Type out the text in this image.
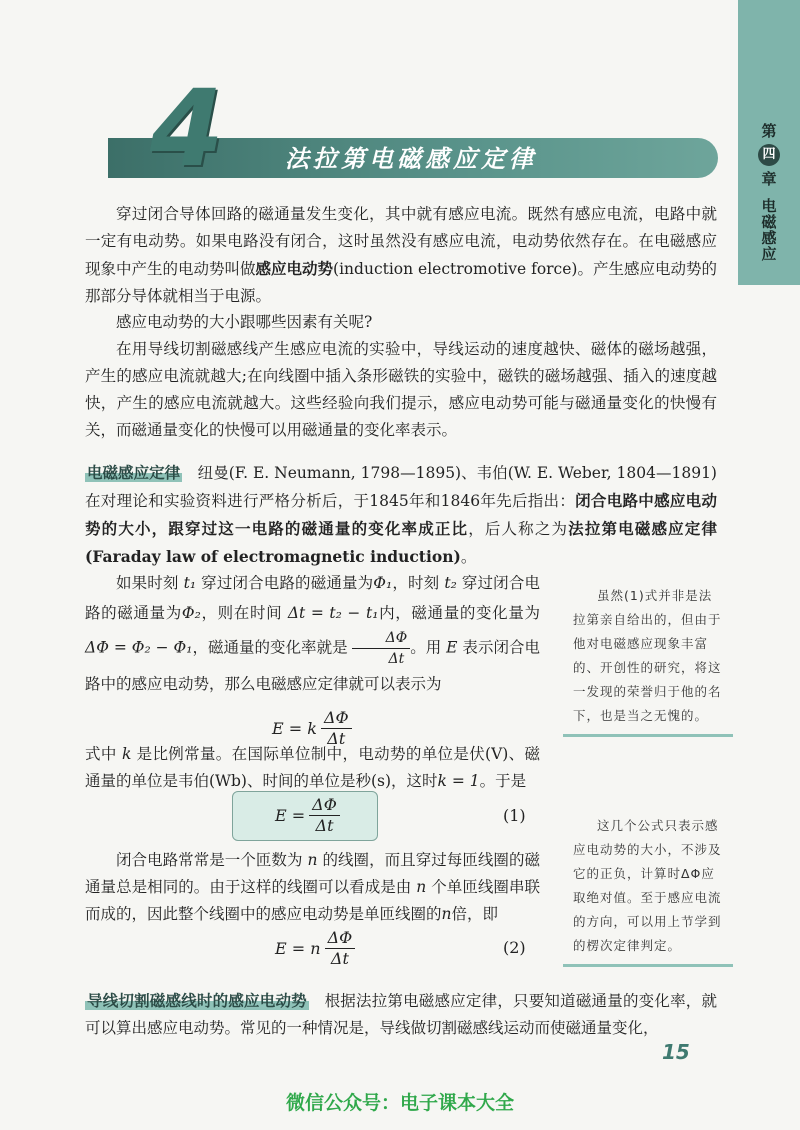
第
四
章
电磁感应
4	法拉第电磁感应定律
穿过闭合导体回路的磁通量发生变化，其中就有感应电流。既然有感应电流，电路中就一定有电动势。如果电路没有闭合，这时虽然没有感应电流，电动势依然存在。在电磁感应现象中产生的电动势叫做感应电动势(induction electromotive force)。产生感应电动势的那部分导体就相当于电源。
感应电动势的大小跟哪些因素有关呢?
在用导线切割磁感线产生感应电流的实验中，导线运动的速度越快、磁体的磁场越强，产生的感应电流就越大;在向线圈中插入条形磁铁的实验中，磁铁的磁场越强、插入的速度越快，产生的感应电流就越大。这些经验向我们提示，感应电动势可能与磁通量变化的快慢有关，而磁通量变化的快慢可以用磁通量的变化率表示。
电磁感应定律　 纽曼(F. E. Neumann, 1798—1895)、韦伯(W. E. Weber, 1804—1891)在对理论和实验资料进行严格分析后，于1845年和1846年先后指出：闭合电路中感应电动势的大小，跟穿过这一电路的磁通量的变化率成正比，后人称之为法拉第电磁感应定律(Faraday law of electromagnetic induction)。
如果时刻 t₁ 穿过闭合电路的磁通量为Φ₁，时刻 t₂ 穿过闭合电路的磁通量为Φ₂，则在时间 Δt = t₂ − t₁内，磁通量的变化量为ΔΦ = Φ₂ − Φ₁，磁通量的变化率就是 $\frac{\Delta\Phi}{\Delta t}$ 。用 E 表示闭合电路中的感应电动势，那么电磁感应定律就可以表示为
E = k $\frac{\Delta\Phi}{\Delta t}$
式中 k 是比例常量。在国际单位制中，电动势的单位是伏(V)、磁通量的单位是韦伯(Wb)、时间的单位是秒(s)，这时k = 1。于是
$E = \frac{\Delta\Phi}{\Delta t}$	(1)
闭合电路常常是一个匝数为 n 的线圈，而且穿过每匝线圈的磁通量总是相同的。由于这样的线圈可以看成是由 n 个单匝线圈串联而成的，因此整个线圈中的感应电动势是单匝线圈的n倍，即
E = n $\frac{\Delta\Phi}{\Delta t}$	(2)
导线切割磁感线时的感应电动势　 根据法拉第电磁感应定律，只要知道磁通量的变化率，就可以算出感应电动势。常见的一种情况是，导线做切割磁感线运动而使磁通量变化，
虽然(1)式并非是法拉第亲自给出的，但由于他对电磁感应现象丰富的、开创性的研究，将这一发现的荣誉归于他的名下，也是当之无愧的。
这几个公式只表示感应电动势的大小，不涉及它的正负，计算时ΔΦ应取绝对值。至于感应电流的方向，可以用上节学到的楞次定律判定。
15
微信公众号：电子课本大全
